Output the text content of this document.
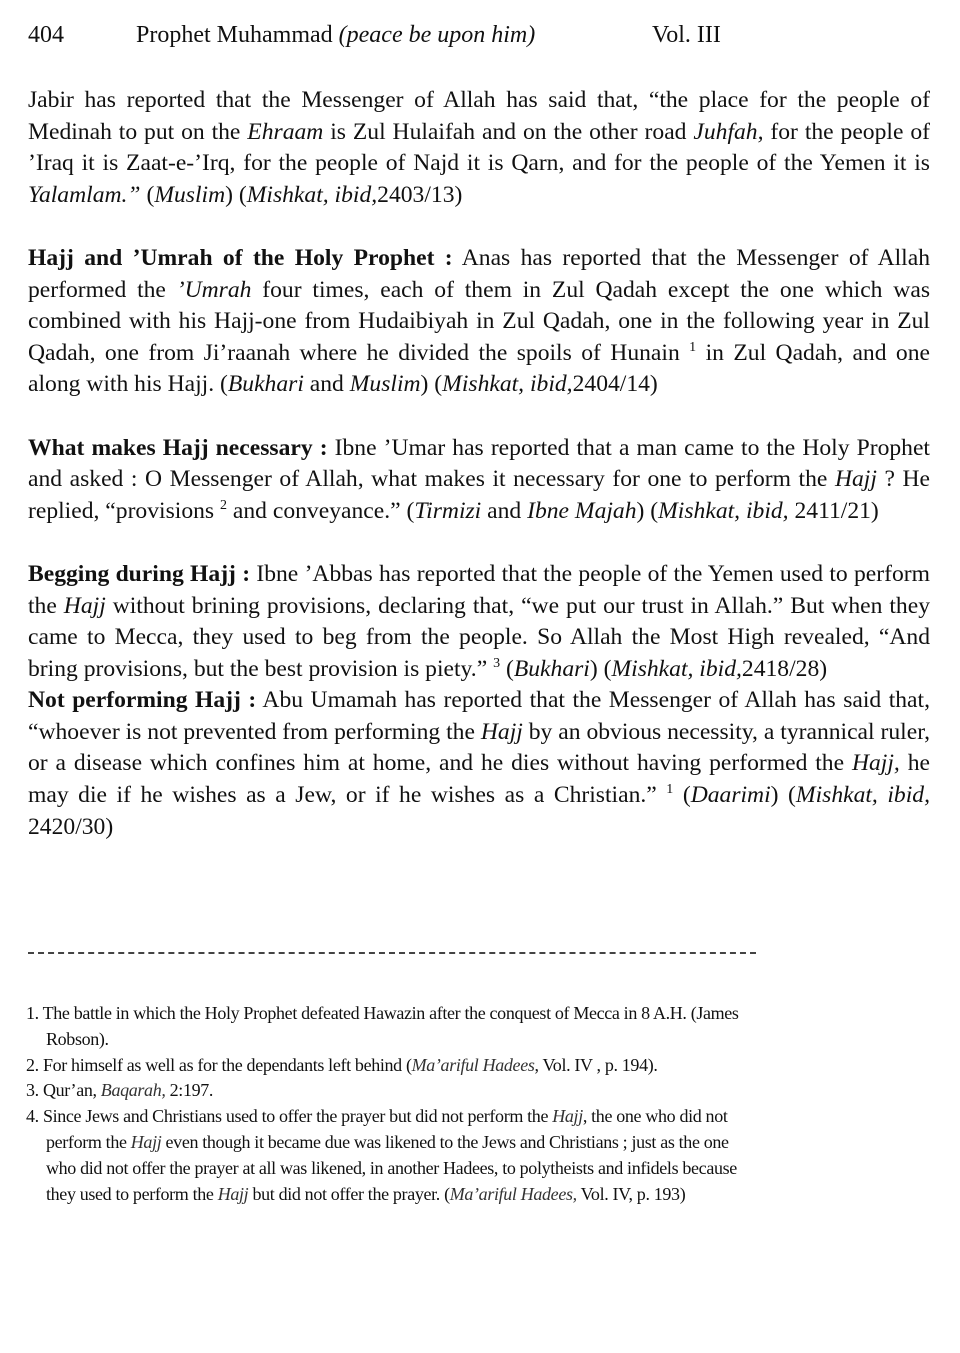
404	Prophet Muhammad (peace be upon him)	Vol. III

Jabir has reported that the Messenger of Allah has said that, “the place for the people of Medinah to put on the Ehraam is Zul Hulaifah and on the other road Juhfah, for the people of ’Iraq it is Zaat-e-’Irq, for the people of Najd it is Qarn, and for the people of the Yemen it is Yalamlam.” (Muslim) (Mishkat, ibid,2403/13)

Hajj and ’Umrah of the Holy Prophet : Anas has reported that the Messenger of Allah performed the ’Umrah four times, each of them in Zul Qadah except the one which was combined with his Hajj-one from Hudaibiyah in Zul Qadah, one in the following year in Zul Qadah, one from Ji’raanah where he divided the spoils of Hunain $^1$ in Zul Qadah, and one along with his Hajj. (Bukhari and Muslim) (Mishkat, ibid,2404/14)

What makes Hajj necessary : Ibne ’Umar has reported that a man came to the Holy Prophet and asked : O Messenger of Allah, what makes it necessary for one to perform the Hajj ? He replied, “provisions $^2$ and conveyance.” (Tirmizi and Ibne Majah) (Mishkat, ibid, 2411/21)

Begging during Hajj : Ibne ’Abbas has reported that the people of the Yemen used to perform the Hajj without brining provisions, declaring that, “we put our trust in Allah.” But when they came to Mecca, they used to beg from the people. So Allah the Most High revealed, “And bring provisions, but the best provision is piety.” $^3$ (Bukhari) (Mishkat, ibid,2418/28)

Not performing Hajj : Abu Umamah has reported that the Messenger of Allah has said that, “whoever is not prevented from performing the Hajj by an obvious necessity, a tyrannical ruler, or a disease which confines him at home, and he dies without having performed the Hajj, he may die if he wishes as a Jew, or if he wishes as a Christian.” $^1$ (Daarimi) (Mishkat, ibid, 2420/30)

1. The battle in which the Holy Prophet defeated Hawazin after the conquest of Mecca in 8 A.H. (James Robson).
2. For himself as well as for the dependants left behind (Ma’ariful Hadees, Vol. IV , p. 194).
3. Qur’an, Baqarah, 2:197.
4. Since Jews and Christians used to offer the prayer but did not perform the Hajj, the one who did not perform the Hajj even though it became due was likened to the Jews and Christians ; just as the one who did not offer the prayer at all was likened, in another Hadees, to polytheists and infidels because they used to perform the Hajj but did not offer the prayer. (Ma’ariful Hadees, Vol. IV, p. 193)
